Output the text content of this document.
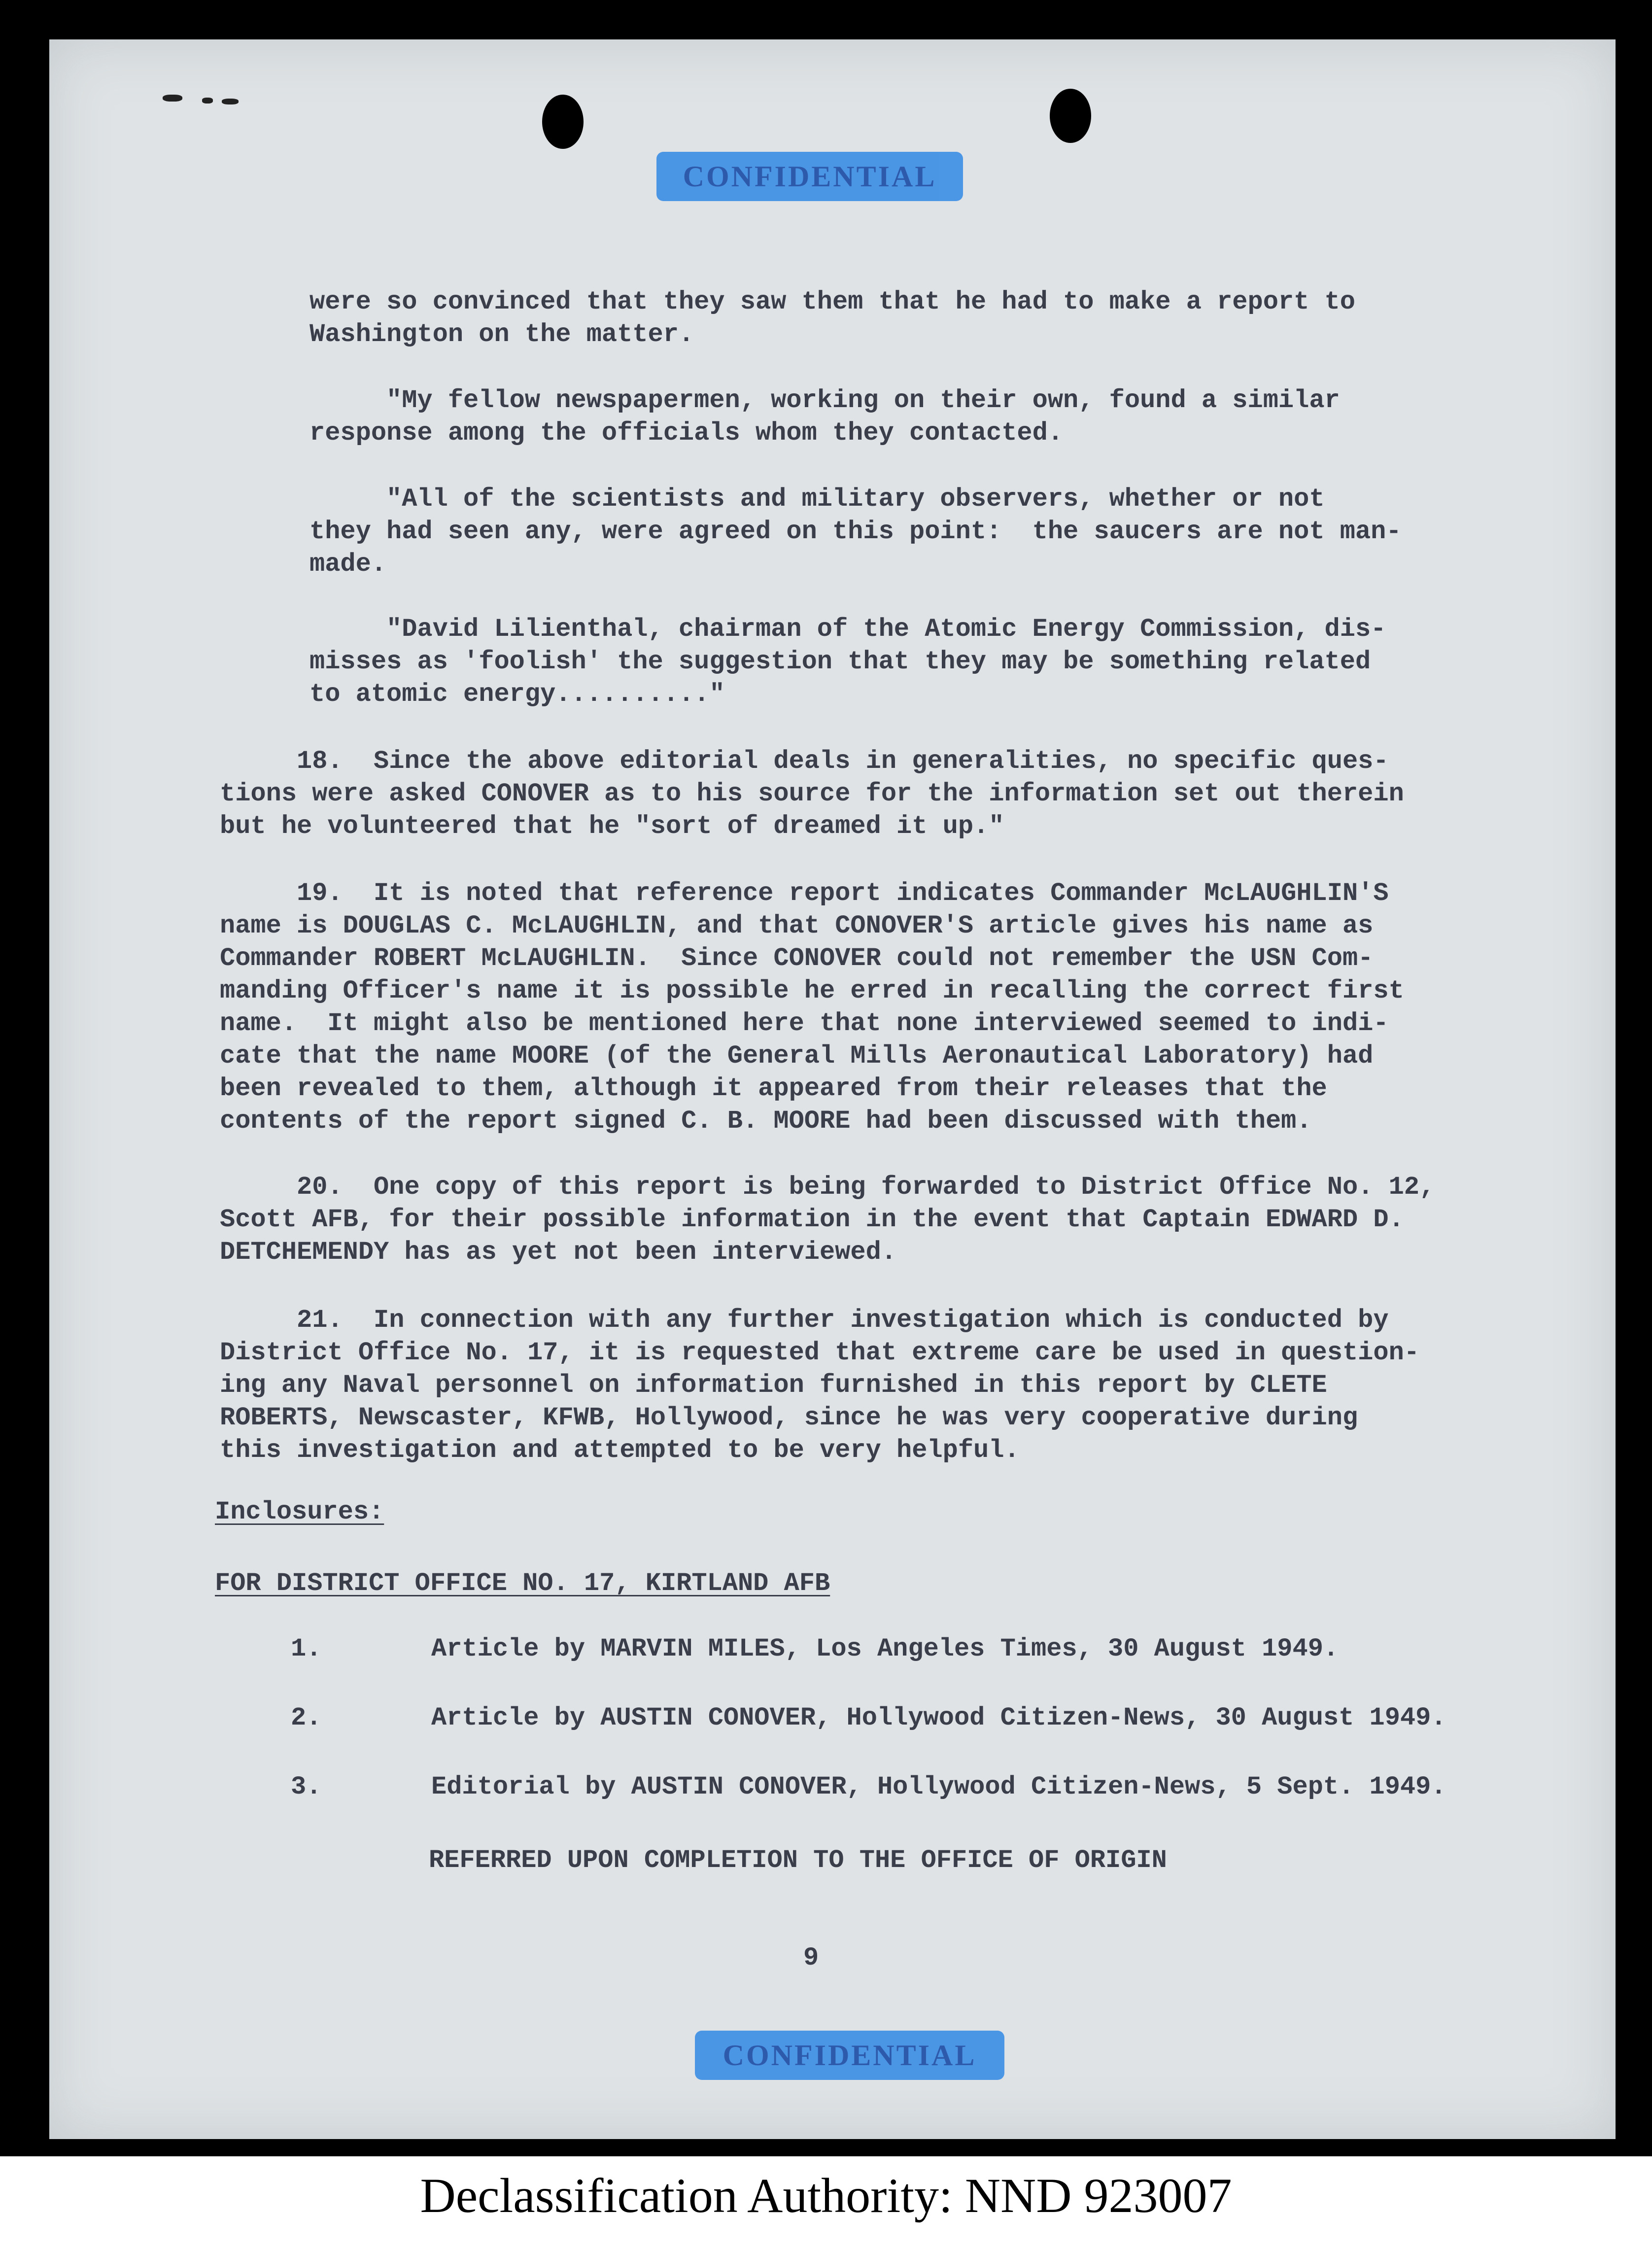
CONFIDENTIAL
were so convinced that they saw them that he had to make a report to
Washington on the matter.
"My fellow newspapermen, working on their own, found a similar
response among the officials whom they contacted.
"All of the scientists and military observers, whether or not
they had seen any, were agreed on this point:  the saucers are not man-
made.
"David Lilienthal, chairman of the Atomic Energy Commission, dis-
misses as 'foolish' the suggestion that they may be something related
to atomic energy.........."
18.  Since the above editorial deals in generalities, no specific ques-
tions were asked CONOVER as to his source for the information set out therein
but he volunteered that he "sort of dreamed it up."
19.  It is noted that reference report indicates Commander McLAUGHLIN'S
name is DOUGLAS C. McLAUGHLIN, and that CONOVER'S article gives his name as
Commander ROBERT McLAUGHLIN.  Since CONOVER could not remember the USN Com-
manding Officer's name it is possible he erred in recalling the correct first
name.  It might also be mentioned here that none interviewed seemed to indi-
cate that the name MOORE (of the General Mills Aeronautical Laboratory) had
been revealed to them, although it appeared from their releases that the
contents of the report signed C. B. MOORE had been discussed with them.
20.  One copy of this report is being forwarded to District Office No. 12,
Scott AFB, for their possible information in the event that Captain EDWARD D.
DETCHEMENDY has as yet not been interviewed.
21.  In connection with any further investigation which is conducted by
District Office No. 17, it is requested that extreme care be used in question-
ing any Naval personnel on information furnished in this report by CLETE
ROBERTS, Newscaster, KFWB, Hollywood, since he was very cooperative during
this investigation and attempted to be very helpful.
Inclosures:
FOR DISTRICT OFFICE NO. 17, KIRTLAND AFB
1.	Article by MARVIN MILES, Los Angeles Times, 30 August 1949.
2.	Article by AUSTIN CONOVER, Hollywood Citizen-News, 30 August 1949.
3.	Editorial by AUSTIN CONOVER, Hollywood Citizen-News, 5 Sept. 1949.
REFERRED UPON COMPLETION TO THE OFFICE OF ORIGIN
9
CONFIDENTIAL
Declassification Authority: NND 923007
